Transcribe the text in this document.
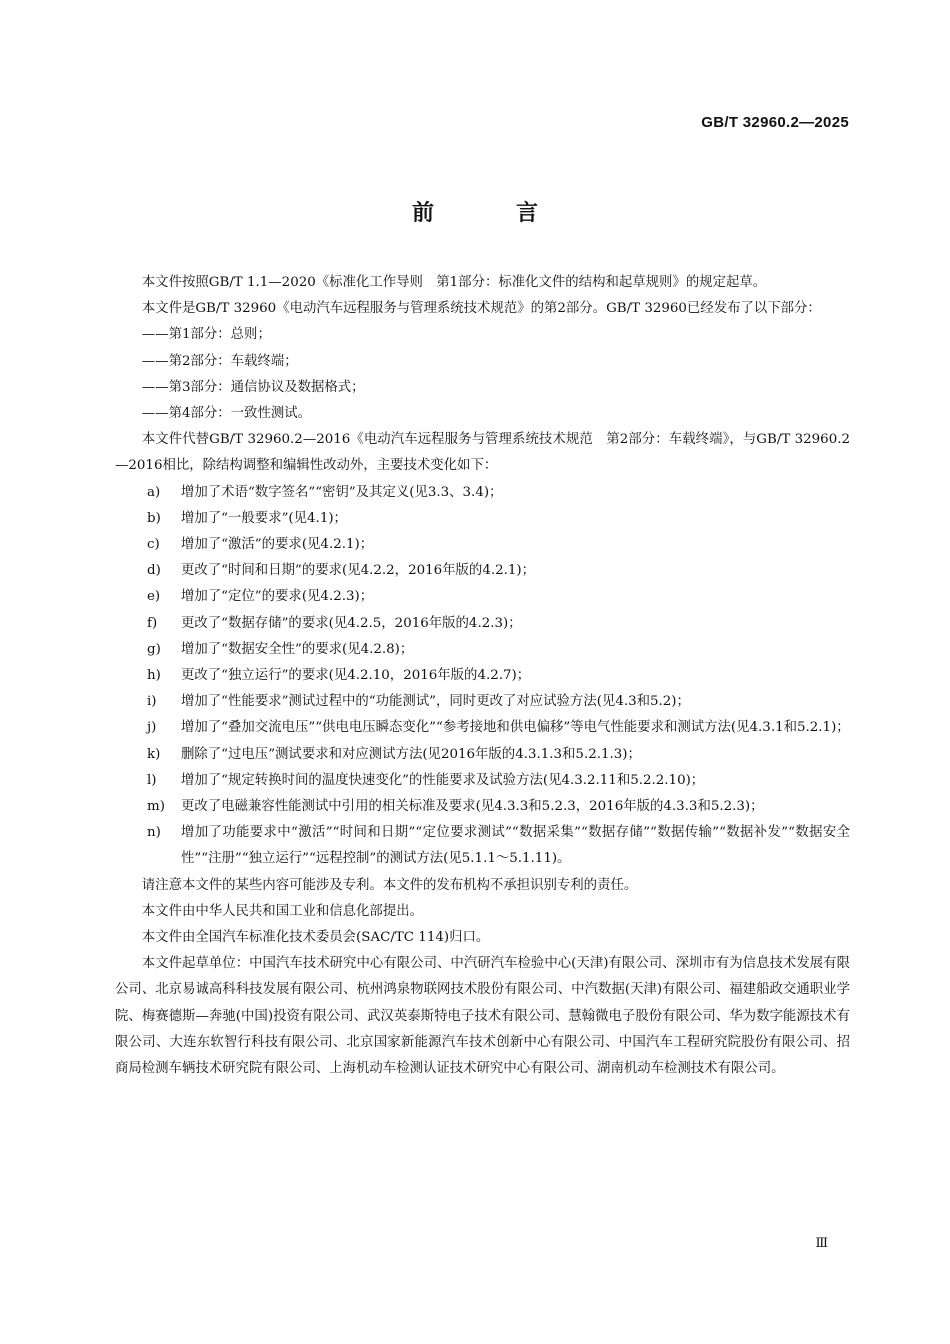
GB/T 32960.2—2025
前　言

本文件按照GB/T 1.1—2020《标准化工作导则　第1部分：标准化文件的结构和起草规则》的规定起草。

本文件是GB/T 32960《电动汽车远程服务与管理系统技术规范》的第2部分。GB/T 32960已经发布了以下部分：

——第1部分：总则；

——第2部分：车载终端；

——第3部分：通信协议及数据格式；

——第4部分：一致性测试。

本文件代替GB/T 32960.2—2016《电动汽车远程服务与管理系统技术规范　第2部分：车载终端》，与GB/T 32960.2—2016相比，除结构调整和编辑性改动外，主要技术变化如下：

a) 增加了术语“数字签名”“密钥”及其定义(见3.3、3.4)；
b) 增加了“一般要求”(见4.1)；
c) 增加了“激活”的要求(见4.2.1)；
d) 更改了“时间和日期”的要求(见4.2.2，2016年版的4.2.1)；
e) 增加了“定位”的要求(见4.2.3)；
f) 更改了“数据存储”的要求(见4.2.5，2016年版的4.2.3)；
g) 增加了“数据安全性”的要求(见4.2.8)；
h) 更改了“独立运行”的要求(见4.2.10，2016年版的4.2.7)；
i) 增加了“性能要求”测试过程中的“功能测试”，同时更改了对应试验方法(见4.3和5.2)；
j) 增加了“叠加交流电压”“供电电压瞬态变化”“参考接地和供电偏移”等电气性能要求和测试方法(见4.3.1和5.2.1)；
k) 删除了“过电压”测试要求和对应测试方法(见2016年版的4.3.1.3和5.2.1.3)；
l) 增加了“规定转换时间的温度快速变化”的性能要求及试验方法(见4.3.2.11和5.2.2.10)；
m) 更改了电磁兼容性能测试中引用的相关标准及要求(见4.3.3和5.2.3，2016年版的4.3.3和5.2.3)；
n) 增加了功能要求中“激活”“时间和日期”“定位要求测试”“数据采集”“数据存储”“数据传输”“数据补发”“数据安全性”“注册”“独立运行”“远程控制”的测试方法(见5.1.1～5.1.11)。

请注意本文件的某些内容可能涉及专利。本文件的发布机构不承担识别专利的责任。

本文件由中华人民共和国工业和信息化部提出。

本文件由全国汽车标准化技术委员会(SAC/TC 114)归口。

本文件起草单位：中国汽车技术研究中心有限公司、中汽研汽车检验中心(天津)有限公司、深圳市有为信息技术发展有限公司、北京易诚高科科技发展有限公司、杭州鸿泉物联网技术股份有限公司、中汽数据(天津)有限公司、福建船政交通职业学院、梅赛德斯—奔驰(中国)投资有限公司、武汉英泰斯特电子技术有限公司、慧翰微电子股份有限公司、华为数字能源技术有限公司、大连东软智行科技有限公司、北京国家新能源汽车技术创新中心有限公司、中国汽车工程研究院股份有限公司、招商局检测车辆技术研究院有限公司、上海机动车检测认证技术研究中心有限公司、湖南机动车检测技术有限公司。

Ⅲ
